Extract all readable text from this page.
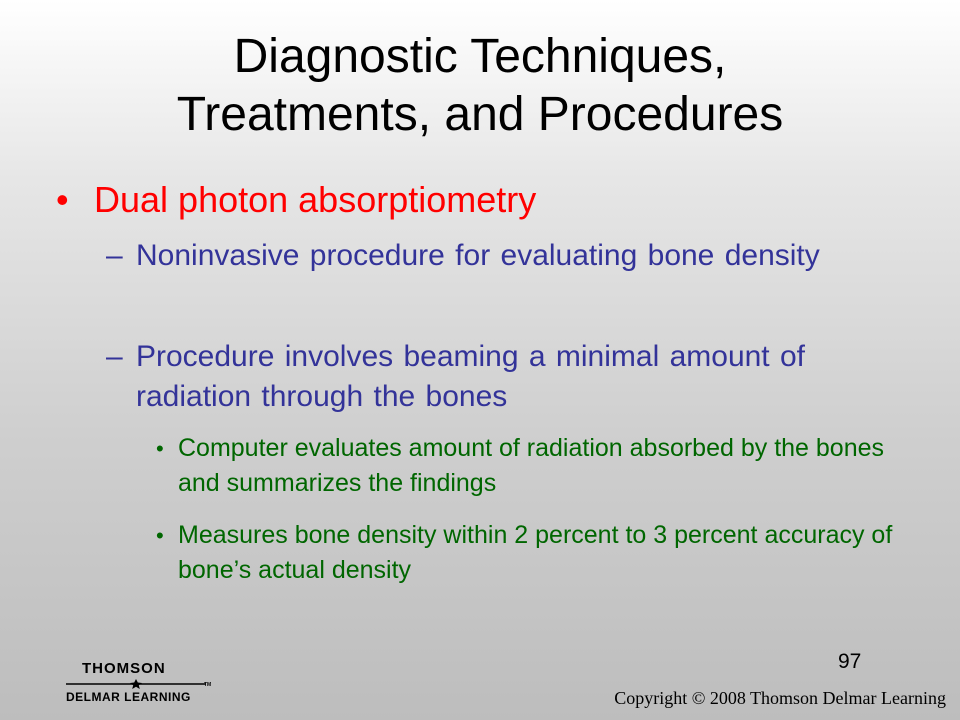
Diagnostic Techniques,
Treatments, and Procedures
• Dual photon absorptiometry
– Noninvasive procedure for evaluating bone density
– Procedure involves beaming a minimal amount of radiation through the bones
• Computer evaluates amount of radiation absorbed by the bones and summarizes the findings
• Measures bone density within 2 percent to 3 percent accuracy of bone’s actual density
97
THOMSON
DELMAR LEARNING
TM
Copyright © 2008 Thomson Delmar Learning
